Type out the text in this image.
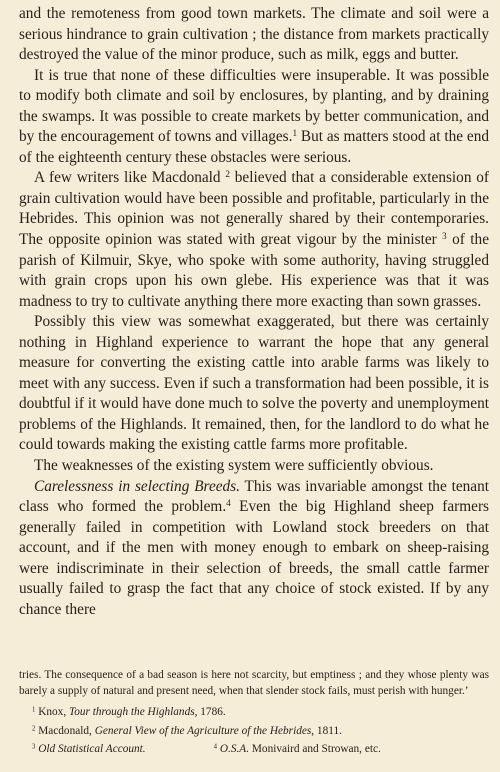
and the remoteness from good town markets. The climate and soil were a serious hindrance to grain cultivation ; the distance from markets practically destroyed the value of the minor produce, such as milk, eggs and butter.

It is true that none of these difficulties were insuperable. It was possible to modify both climate and soil by enclosures, by planting, and by draining the swamps. It was possible to create markets by better communication, and by the encouragement of towns and villages.$^1$ But as matters stood at the end of the eighteenth century these obstacles were serious.

A few writers like Macdonald $^2$ believed that a considerable extension of grain cultivation would have been possible and profitable, particularly in the Hebrides. This opinion was not generally shared by their contemporaries. The opposite opinion was stated with great vigour by the minister $^3$ of the parish of Kilmuir, Skye, who spoke with some authority, having struggled with grain crops upon his own glebe. His experience was that it was madness to try to cultivate anything there more exacting than sown grasses.

Possibly this view was somewhat exaggerated, but there was certainly nothing in Highland experience to warrant the hope that any general measure for converting the existing cattle into arable farms was likely to meet with any success. Even if such a transformation had been possible, it is doubtful if it would have done much to solve the poverty and unemployment problems of the Highlands. It remained, then, for the landlord to do what he could towards making the existing cattle farms more profitable.

The weaknesses of the existing system were sufficiently obvious.

Carelessness in selecting Breeds. This was invariable amongst the tenant class who formed the problem.$^4$ Even the big Highland sheep farmers generally failed in competition with Lowland stock breeders on that account, and if the men with money enough to embark on sheep-raising were indiscriminate in their selection of breeds, the small cattle farmer usually failed to grasp the fact that any choice of stock existed. If by any chance there

tries. The consequence of a bad season is here not scarcity, but emptiness ; and they whose plenty was barely a supply of natural and present need, when that slender stock fails, must perish with hunger.’

$^1$ Knox, Tour through the Highlands, 1786.

$^2$ Macdonald, General View of the Agriculture of the Hebrides, 1811.

$^3$ Old Statistical Account.	$^4$ O.S.A. Monivaird and Strowan, etc.
